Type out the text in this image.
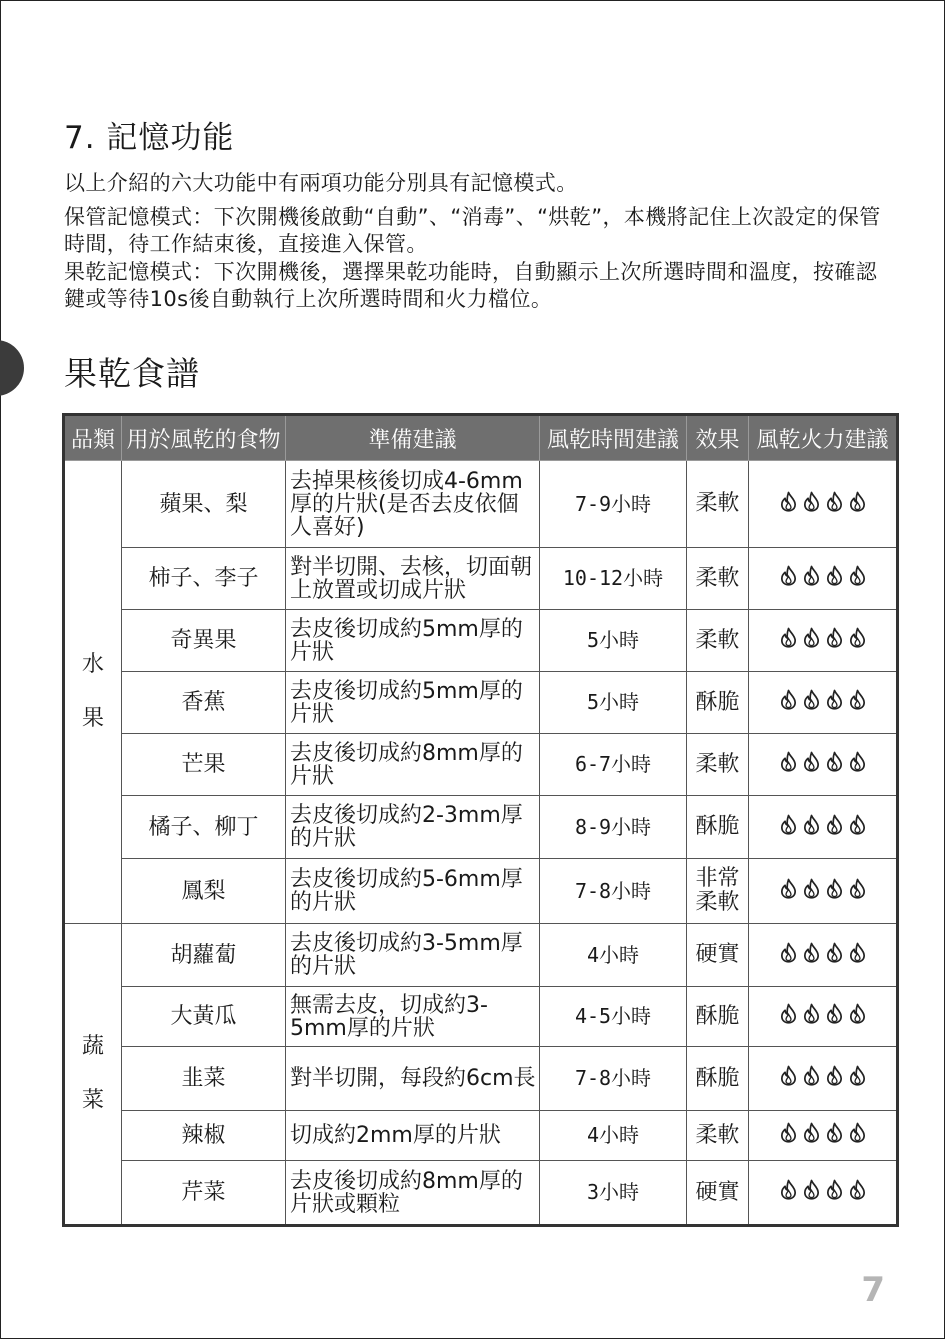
7. 記憶功能

以上介紹的六大功能中有兩項功能分別具有記憶模式。

保管記憶模式：下次開機後啟動“自動”、“消毒”、“烘乾”，本機將記住上次設定的保管時間，待工作結束後，直接進入保管。

果乾記憶模式：下次開機後，選擇果乾功能時，自動顯示上次所選時間和溫度，按確認鍵或等待10s後自動執行上次所選時間和火力檔位。

果乾食譜
品類	用於風乾的食物	準備建議	風乾時間建議	效果	風乾火力建議
水
果	蘋果、梨	去掉果核後切成4-6mm厚的片狀(是否去皮依個人喜好)	7-9小時	柔軟	

	柿子、李子	對半切開、去核，切面朝上放置或切成片狀	10-12小時	柔軟	

	奇異果	去皮後切成約5mm厚的片狀	5小時	柔軟	

	香蕉	去皮後切成約5mm厚的片狀	5小時	酥脆	

	芒果	去皮後切成約8mm厚的片狀	6-7小時	柔軟	

	橘子、柳丁	去皮後切成約2-3mm厚的片狀	8-9小時	酥脆	

	鳳梨	去皮後切成約5-6mm厚的片狀	7-8小時	非常柔軟	

蔬
菜	胡蘿蔔	去皮後切成約3-5mm厚的片狀	4小時	硬實	

	大黃瓜	無需去皮，切成約3-5mm厚的片狀	4-5小時	酥脆	

	韭菜	對半切開，每段約6cm長	7-8小時	酥脆	

	辣椒	切成約2mm厚的片狀	4小時	柔軟	

	芹菜	去皮後切成約8mm厚的片狀或顆粒	3小時	硬實	
7
